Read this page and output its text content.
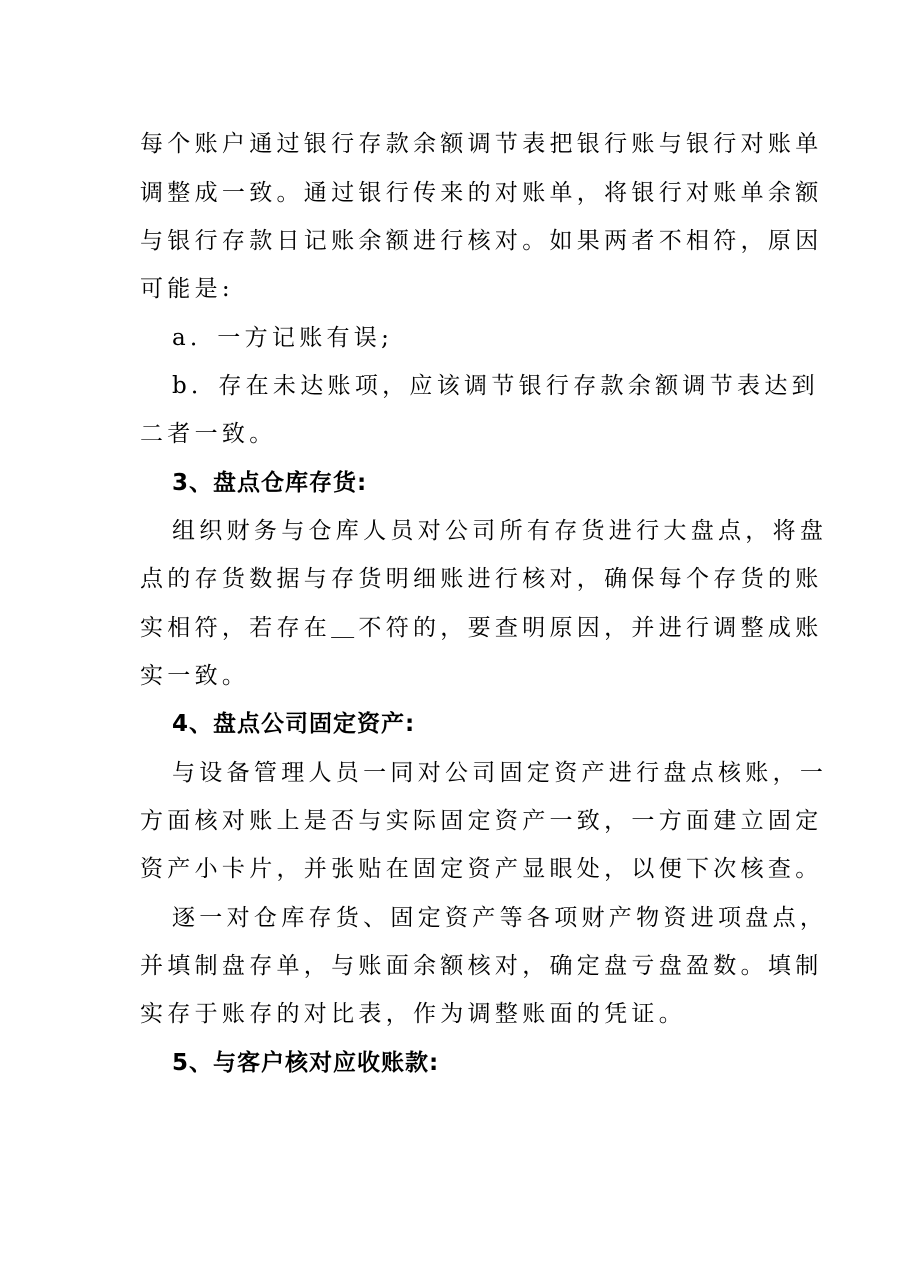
每个账户通过银行存款余额调节表把银行账与银行对账单
调整成一致。通过银行传来的对账单，将银行对账单余额
与银行存款日记账余额进行核对。如果两者不相符，原因
可能是:
a．一方记账有误;
b．存在未达账项，应该调节银行存款余额调节表达到
二者一致。
3、盘点仓库存货:
组织财务与仓库人员对公司所有存货进行大盘点，将盘
点的存货数据与存货明细账进行核对，确保每个存货的账
实相符，若存在＿不符的，要查明原因，并进行调整成账
实一致。
4、盘点公司固定资产:
与设备管理人员一同对公司固定资产进行盘点核账，一
方面核对账上是否与实际固定资产一致，一方面建立固定
资产小卡片，并张贴在固定资产显眼处，以便下次核查。
逐一对仓库存货、固定资产等各项财产物资进项盘点，
并填制盘存单，与账面余额核对，确定盘亏盘盈数。填制
实存于账存的对比表，作为调整账面的凭证。
5、与客户核对应收账款:
